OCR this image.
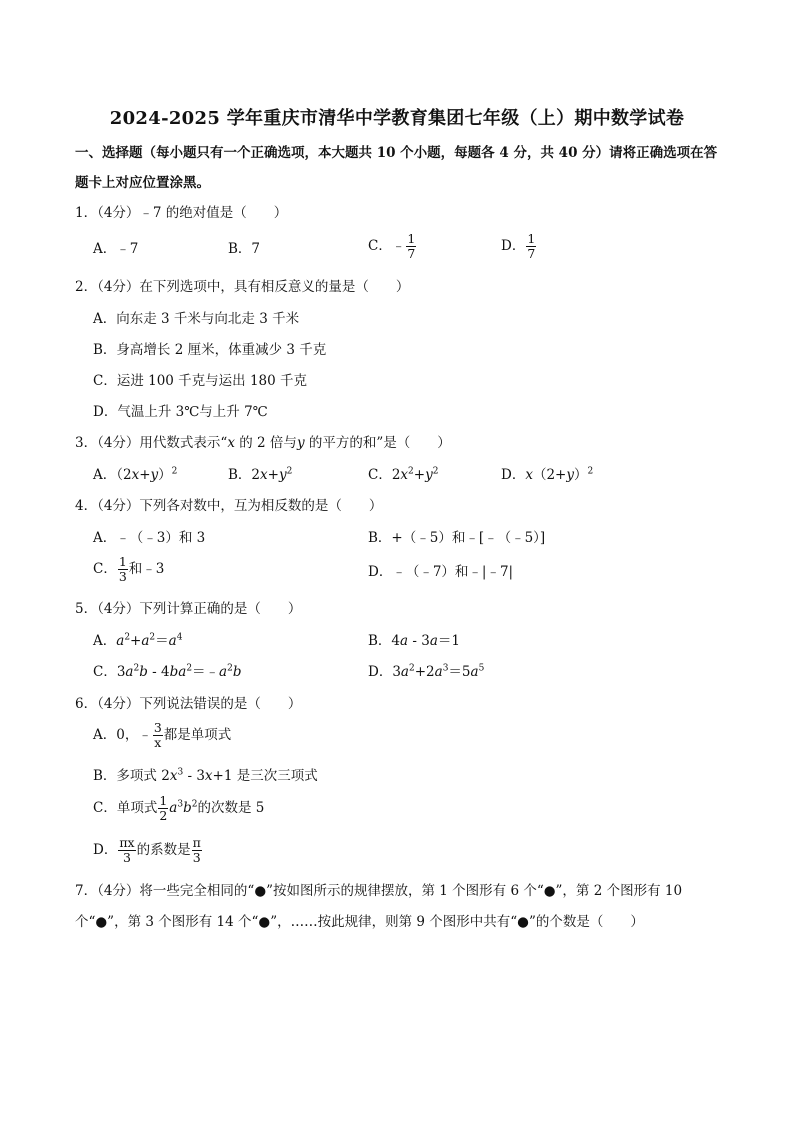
2024-2025 学年重庆市清华中学教育集团七年级（上）期中数学试卷
一、选择题（每小题只有一个正确选项，本大题共 10 个小题，每题各 4 分，共 40 分）请将正确选项在答
题卡上对应位置涂黑。
1．（4分）﹣7 的绝对值是（　　）
A．﹣7	B．7	C．﹣ $\frac{1}{7}$	D． $\frac{1}{7}$
2．（4分）在下列选项中，具有相反意义的量是（　　）
A．向东走 3 千米与向北走 3 千米
B．身高增长 2 厘米，体重减少 3 千克
C．运进 100 千克与运出 180 千克
D．气温上升 3℃与上升 7℃
3．（4分）用代数式表示“x 的 2 倍与y 的平方的和”是（　　）
A．$(2x+y)^2$	B．$2x+y^2$	C．$2x^2+y^2$	D．$x(2+y)^2$
4．（4分）下列各对数中，互为相反数的是（　　）
A．﹣（﹣3）和 3	B．+（﹣5）和﹣[﹣（﹣5）]
C． $\frac{1}{3}$ 和﹣3	D．﹣（﹣7）和﹣|﹣7|
5．（4分）下列计算正确的是（　　）
A．$a^2+a^2=a^4$	B．4a - 3a＝1
C．$3a^2b$ - $4ba^2=﹣a^2b$	D．$3a^2+2a^3=5a^5$
6．（4分）下列说法错误的是（　　）
A．0，﹣ $\frac{3}{x}$ 都是单项式
B．多项式 $2x^3 - 3x+1$ 是三次三项式
C．单项式 $\frac{1}{2} a^3b^2$的次数是 5
D． $\frac{\pi x}{3}$ 的系数是 $\frac{\pi}{3}$
7．（4分）将一些完全相同的“●”按如图所示的规律摆放，第 1 个图形有 6 个“●”，第 2 个图形有 10
个“●”，第 3 个图形有 14 个“●”，……按此规律，则第 9 个图形中共有“●”的个数是（　　）
